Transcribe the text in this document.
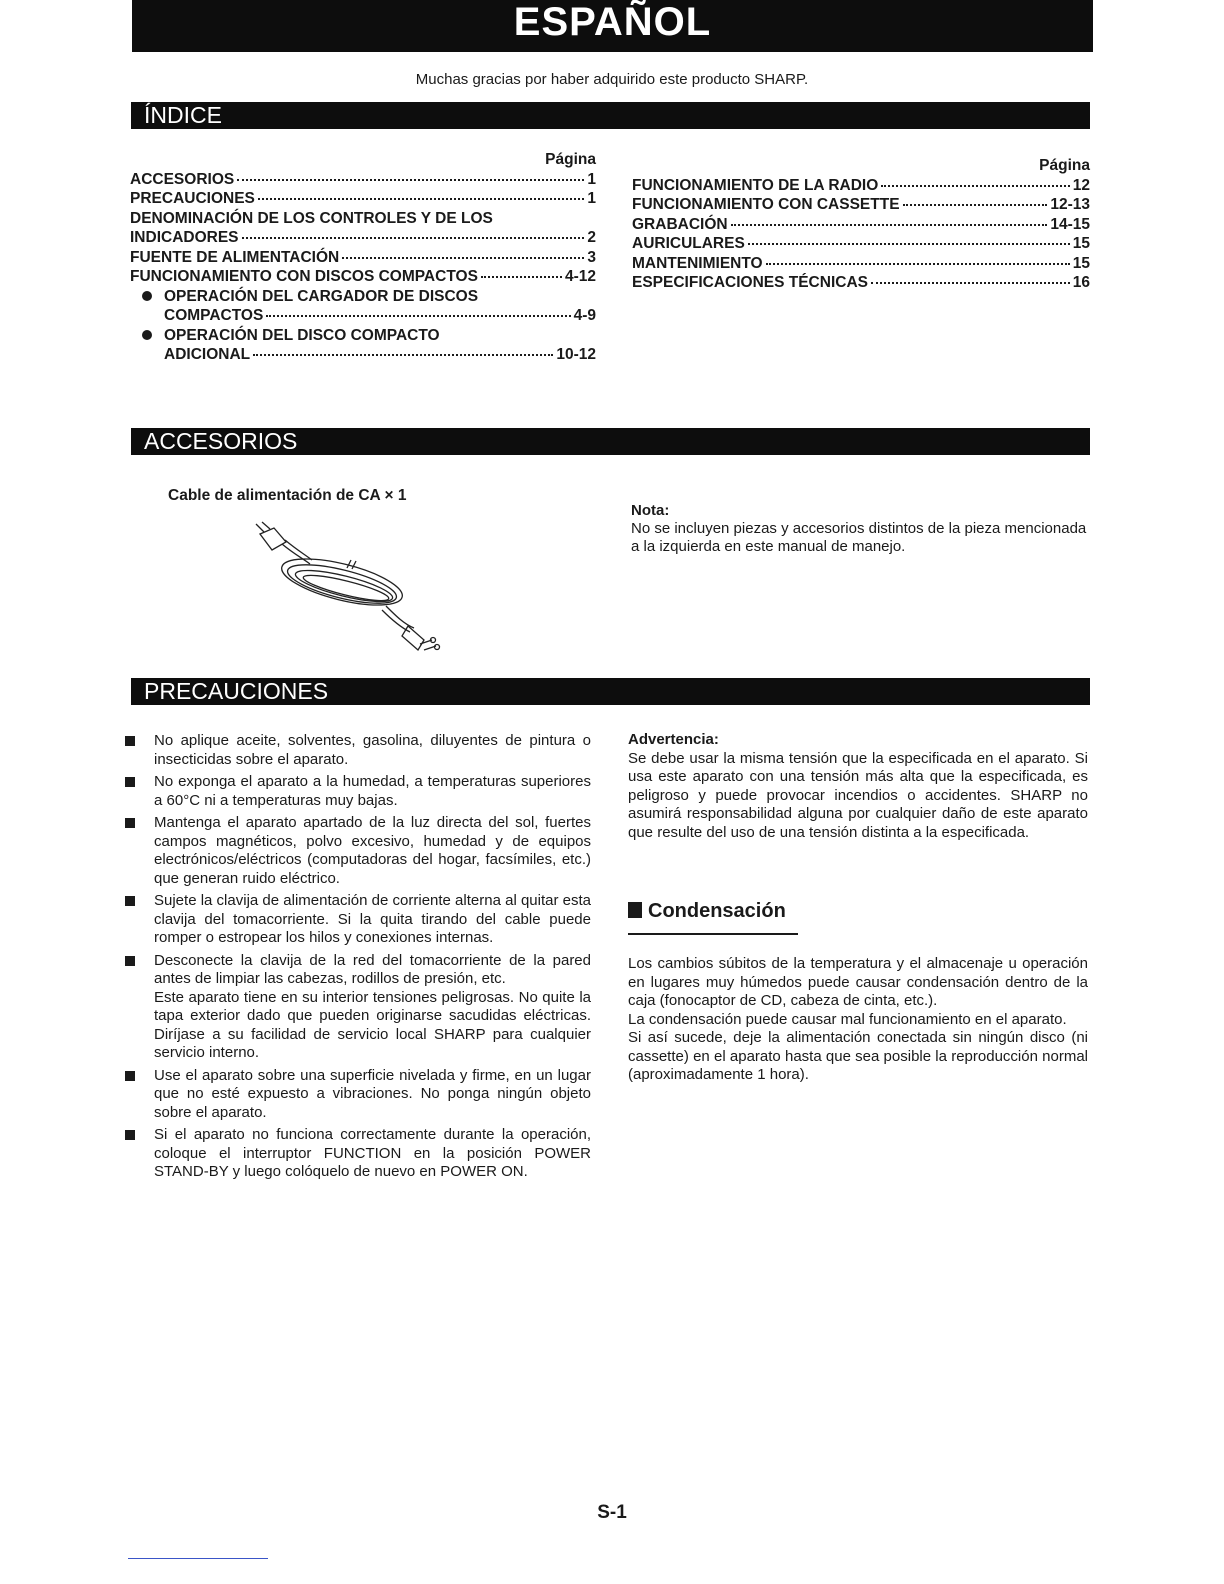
ESPAÑOL
Muchas gracias por haber adquirido este producto SHARP.
ÍNDICE
Página
ACCESORIOS	1
PRECAUCIONES	1
DENOMINACIÓN DE LOS CONTROLES Y DE LOS
INDICADORES	2
FUENTE DE ALIMENTACIÓN	3
FUNCIONAMIENTO CON DISCOS COMPACTOS	4-12
OPERACIÓN DEL CARGADOR DE DISCOS
COMPACTOS	4-9
OPERACIÓN DEL DISCO COMPACTO
ADICIONAL	10-12
Página
FUNCIONAMIENTO DE LA RADIO	12
FUNCIONAMIENTO CON CASSETTE	12-13
GRABACIÓN	14-15
AURICULARES	15
MANTENIMIENTO	15
ESPECIFICACIONES TÉCNICAS	16
ACCESORIOS
Cable de alimentación de CA × 1
Nota:
No se incluyen piezas y accesorios distintos de la pieza mencionada a la izquierda en este manual de manejo.
PRECAUCIONES
No aplique aceite, solventes, gasolina, diluyentes de pintura o insecticidas sobre el aparato.
No exponga el aparato a la humedad, a temperaturas superiores a 60°C ni a temperaturas muy bajas.
Mantenga el aparato apartado de la luz directa del sol, fuertes campos magnéticos, polvo excesivo, humedad y de equipos electrónicos/eléctricos (computadoras del hogar, facsímiles, etc.) que generan ruido eléctrico.
Sujete la clavija de alimentación de corriente alterna al quitar esta clavija del tomacorriente. Si la quita tirando del cable puede romper o estropear los hilos y conexiones internas.
Desconecte la clavija de la red del tomacorriente de la pared antes de limpiar las cabezas, rodillos de presión, etc.
Este aparato tiene en su interior tensiones peligrosas. No quite la tapa exterior dado que pueden originarse sacudidas eléctricas. Diríjase a su facilidad de servicio local SHARP para cualquier servicio interno.
Use el aparato sobre una superficie nivelada y firme, en un lugar que no esté expuesto a vibraciones. No ponga ningún objeto sobre el aparato.
Si el aparato no funciona correctamente durante la operación, coloque el interruptor FUNCTION en la posición POWER STAND-BY y luego colóquelo de nuevo en POWER ON.
Advertencia:
Se debe usar la misma tensión que la especificada en el aparato. Si usa este aparato con una tensión más alta que la especificada, es peligroso y puede provocar incendios o accidentes. SHARP no asumirá responsabilidad alguna por cualquier daño de este aparato que resulte del uso de una tensión distinta a la especificada.
Condensación

Los cambios súbitos de la temperatura y el almacenaje u operación en lugares muy húmedos puede causar condensación dentro de la caja (fonocaptor de CD, cabeza de cinta, etc.).

La condensación puede causar mal funcionamiento en el aparato.

Si así sucede, deje la alimentación conectada sin ningún disco (ni cassette) en el aparato hasta que sea posible la reproducción normal (aproximadamente 1 hora).

S-1
